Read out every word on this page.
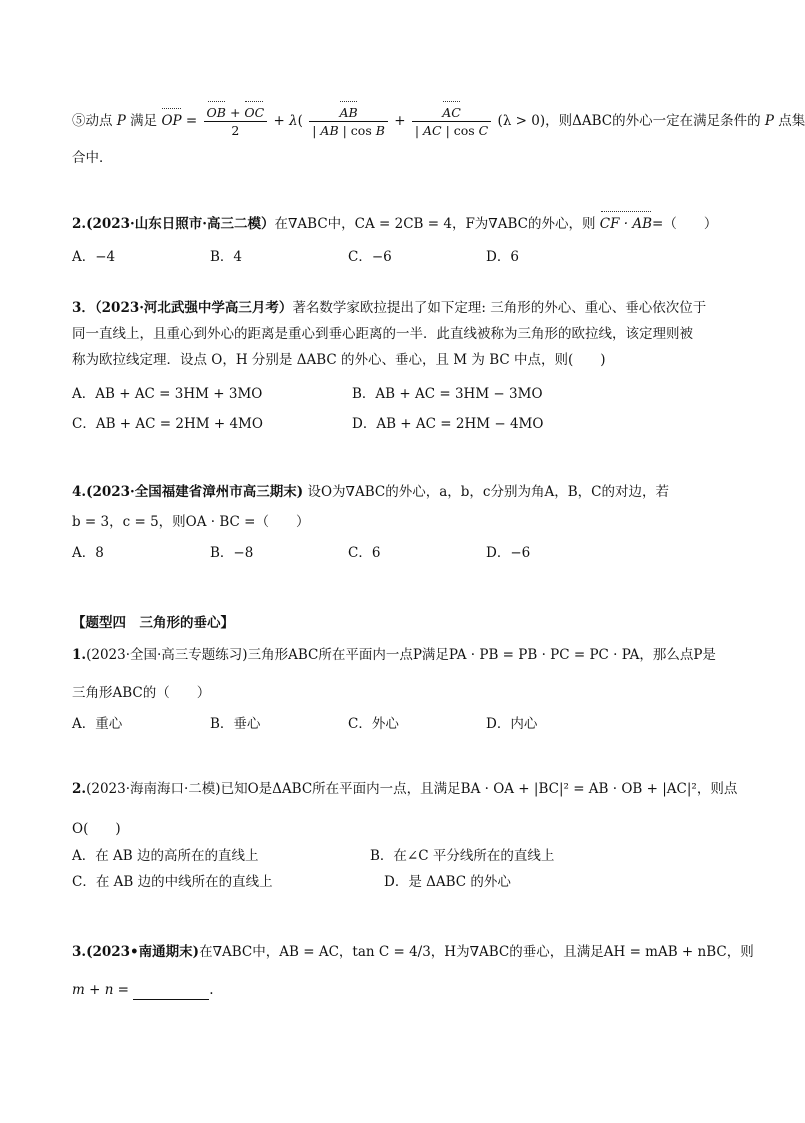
⑤动点 P 满足 OP = $\frac{OB + OC}{2} + \lambda( \frac{AB}{\text{| AB | cos B}} + \frac{AC}{\text{| AC | cos C}} (\lambda > 0)$，则ΔABC的外心一定在满足条件的 P 点集
合中．
2.(2023·山东日照市·高三二模）在∇ABC中，CA = 2CB = 4，F为∇ABC的外心，则 CF · AB=（　　）
A．−4	B．4	C．−6	D．6
3．（2023·河北武强中学高三月考）著名数学家欧拉提出了如下定理: 三角形的外心、重心、垂心依次位于
同一直线上，且重心到外心的距离是重心到垂心距离的一半．此直线被称为三角形的欧拉线，该定理则被
称为欧拉线定理．设点 O，H 分别是 ΔABC 的外心、垂心，且 M 为 BC 中点，则(　　)
A．AB + AC = 3HM + 3MO	B．AB + AC = 3HM − 3MO
C．AB + AC = 2HM + 4MO	D．AB + AC = 2HM − 4MO
4.(2023·全国福建省漳州市高三期末) 设O为∇ABC的外心，a，b，c分别为角A，B，C的对边，若
b = 3，c = 5，则OA · BC =（　　）
A．8	B．−8	C．6	D．−6
【题型四　三角形的垂心】
1.(2023·全国·高三专题练习)三角形ABC所在平面内一点P满足PA · PB = PB · PC = PC · PA，那么点P是
三角形ABC的（　　）
A．重心	B．垂心	C．外心	D．内心
2.(2023·海南海口·二模)已知O是ΔABC所在平面内一点，且满足BA · OA + |BC|² = AB · OB + |AC|²，则点
O(　　)
A．在 AB 边的高所在的直线上	B．在∠C 平分线所在的直线上
C．在 AB 边的中线所在的直线上	D．是 ΔABC 的外心
3.(2023•南通期末)在∇ABC中，AB = AC，tan C = 4/3，H为∇ABC的垂心，且满足AH = mAB + nBC，则
m + n =	.
